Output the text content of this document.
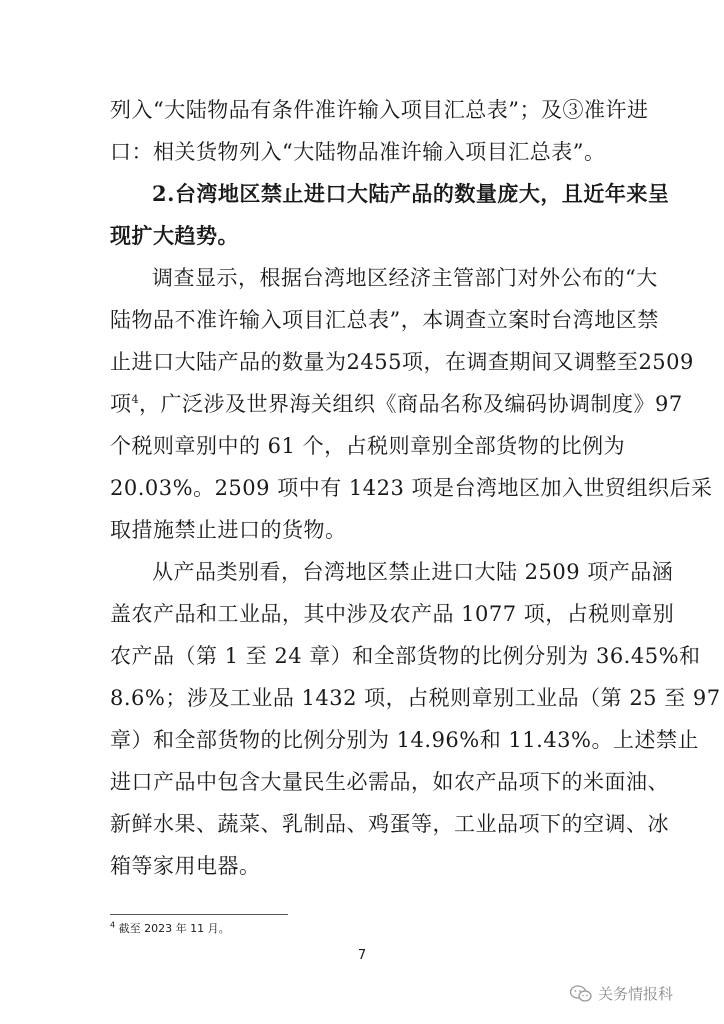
列入“大陆物品有条件准许输入项目汇总表”；及③准许进
口：相关货物列入“大陆物品准许输入项目汇总表”。
2.台湾地区禁止进口大陆产品的数量庞大，且近年来呈
现扩大趋势。
调查显示，根据台湾地区经济主管部门对外公布的“大
陆物品不准许输入项目汇总表”，本调查立案时台湾地区禁
止进口大陆产品的数量为2455项，在调查期间又调整至2509
项$^4$，广泛涉及世界海关组织《商品名称及编码协调制度》97
个税则章别中的 61 个，占税则章别全部货物的比例为
20.03%。2509 项中有 1423 项是台湾地区加入世贸组织后采
取措施禁止进口的货物。
从产品类别看，台湾地区禁止进口大陆 2509 项产品涵
盖农产品和工业品，其中涉及农产品 1077 项，占税则章别
农产品（第 1 至 24 章）和全部货物的比例分别为 36.45%和
8.6%；涉及工业品 1432 项，占税则章别工业品（第 25 至 97
章）和全部货物的比例分别为 14.96%和 11.43%。上述禁止
进口产品中包含大量民生必需品，如农产品项下的米面油、
新鲜水果、蔬菜、乳制品、鸡蛋等，工业品项下的空调、冰
箱等家用电器。
$^4$ 截至 2023 年 11 月。
7
关务情报科
